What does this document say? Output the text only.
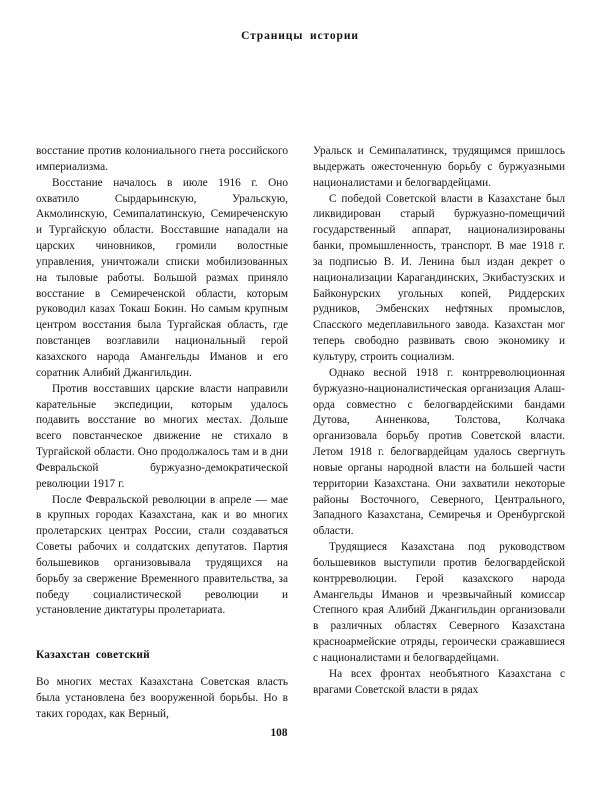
Страницы истории

восстание против колониального гнета российского империализма.

Восстание началось в июле 1916 г. Оно охватило Сырдарьинскую, Уральскую, Акмолинскую, Семипалатинскую, Семиреченскую и Тургайскую области. Восставшие нападали на царских чиновников, громили волостные управления, уничтожали списки мобилизованных на тыловые работы. Большой размах приняло восстание в Семиреченской области, которым руководил казах Токаш Бокин. Но самым крупным центром восстания была Тургайская область, где повстанцев возглавили национальный герой казахского народа Амангельды Иманов и его соратник Алибий Джангильдин.

Против восставших царские власти направили карательные экспедиции, которым удалось подавить восстание во многих местах. Дольше всего повстанческое движение не стихало в Тургайской области. Оно продолжалось там и в дни Февральской буржуазно-демократической революции 1917 г.

После Февральской революции в апреле — мае в крупных городах Казахстана, как и во многих пролетарских центрах России, стали создаваться Советы рабочих и солдатских депутатов. Партия большевиков организовывала трудящихся на борьбу за свержение Временного правительства, за победу социалистической революции и установление диктатуры пролетариата.

Казахстан советский

Во многих местах Казахстана Советская власть была установлена без вооруженной борьбы. Но в таких городах, как Верный,

Уральск и Семипалатинск, трудящимся пришлось выдержать ожесточенную борьбу с буржуазными националистами и белогвардейцами.

С победой Советской власти в Казахстане был ликвидирован старый буржуазно-помещичий государственный аппарат, национализированы банки, промышленность, транспорт. В мае 1918 г. за подписью В. И. Ленина был издан декрет о национализации Карагандинских, Экибастузских и Байконурских угольных копей, Риддерских рудников, Эмбенских нефтяных промыслов, Спасского медеплавильного завода. Казахстан мог теперь свободно развивать свою экономику и культуру, строить социализм.

Однако весной 1918 г. контрреволюционная буржуазно-националистическая организация Алаш-орда совместно с белогвардейскими бандами Дутова, Анненкова, Толстова, Колчака организовала борьбу против Советской власти. Летом 1918 г. белогвардейцам удалось свергнуть новые органы народной власти на большей части территории Казахстана. Они захватили некоторые районы Восточного, Северного, Центрального, Западного Казахстана, Семиречья и Оренбургской области.

Трудящиеся Казахстана под руководством большевиков выступили против белогвардейской контрреволюции. Герой казахского народа Амангельды Иманов и чрезвычайный комиссар Степного края Алибий Джангильдин организовали в различных областях Северного Казахстана красноармейские отряды, героически сражавшиеся с националистами и белогвардейцами.

На всех фронтах необъятного Казахстана с врагами Советской власти в рядах

108
